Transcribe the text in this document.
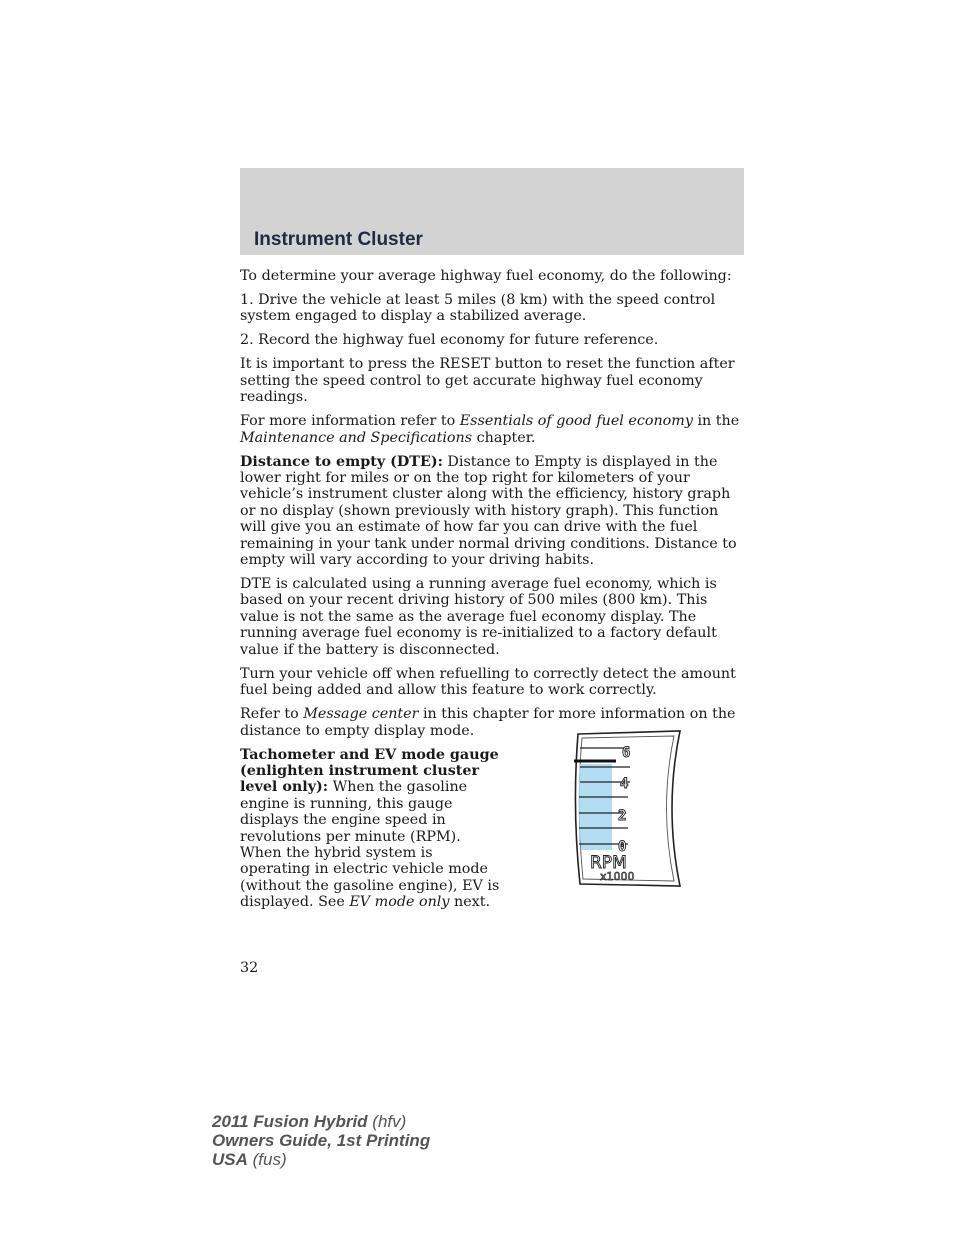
Instrument Cluster

To determine your average highway fuel economy, do the following:

1. Drive the vehicle at least 5 miles (8 km) with the speed control system engaged to display a stabilized average.

2. Record the highway fuel economy for future reference.

It is important to press the RESET button to reset the function after setting the speed control to get accurate highway fuel economy readings.

For more information refer to Essentials of good fuel economy in the Maintenance and Specifications chapter.

Distance to empty (DTE): Distance to Empty is displayed in the lower right for miles or on the top right for kilometers of your vehicle’s instrument cluster along with the efficiency, history graph or no display (shown previously with history graph). This function will give you an estimate of how far you can drive with the fuel remaining in your tank under normal driving conditions. Distance to empty will vary according to your driving habits.

DTE is calculated using a running average fuel economy, which is based on your recent driving history of 500 miles (800 km). This value is not the same as the average fuel economy display. The running average fuel economy is re-initialized to a factory default value if the battery is disconnected.

Turn your vehicle off when refuelling to correctly detect the amount fuel being added and allow this feature to work correctly.

Refer to Message center in this chapter for more information on the distance to empty display mode.

Tachometer and EV mode gauge (enlighten instrument cluster level only): When the gasoline engine is running, this gauge displays the engine speed in revolutions per minute (RPM). When the hybrid system is operating in electric vehicle mode (without the gasoline engine), EV is displayed. See EV mode only next.

6
4
2
0
RPM
x1000
32
2011 Fusion Hybrid (hfv)
Owners Guide, 1st Printing
USA (fus)
